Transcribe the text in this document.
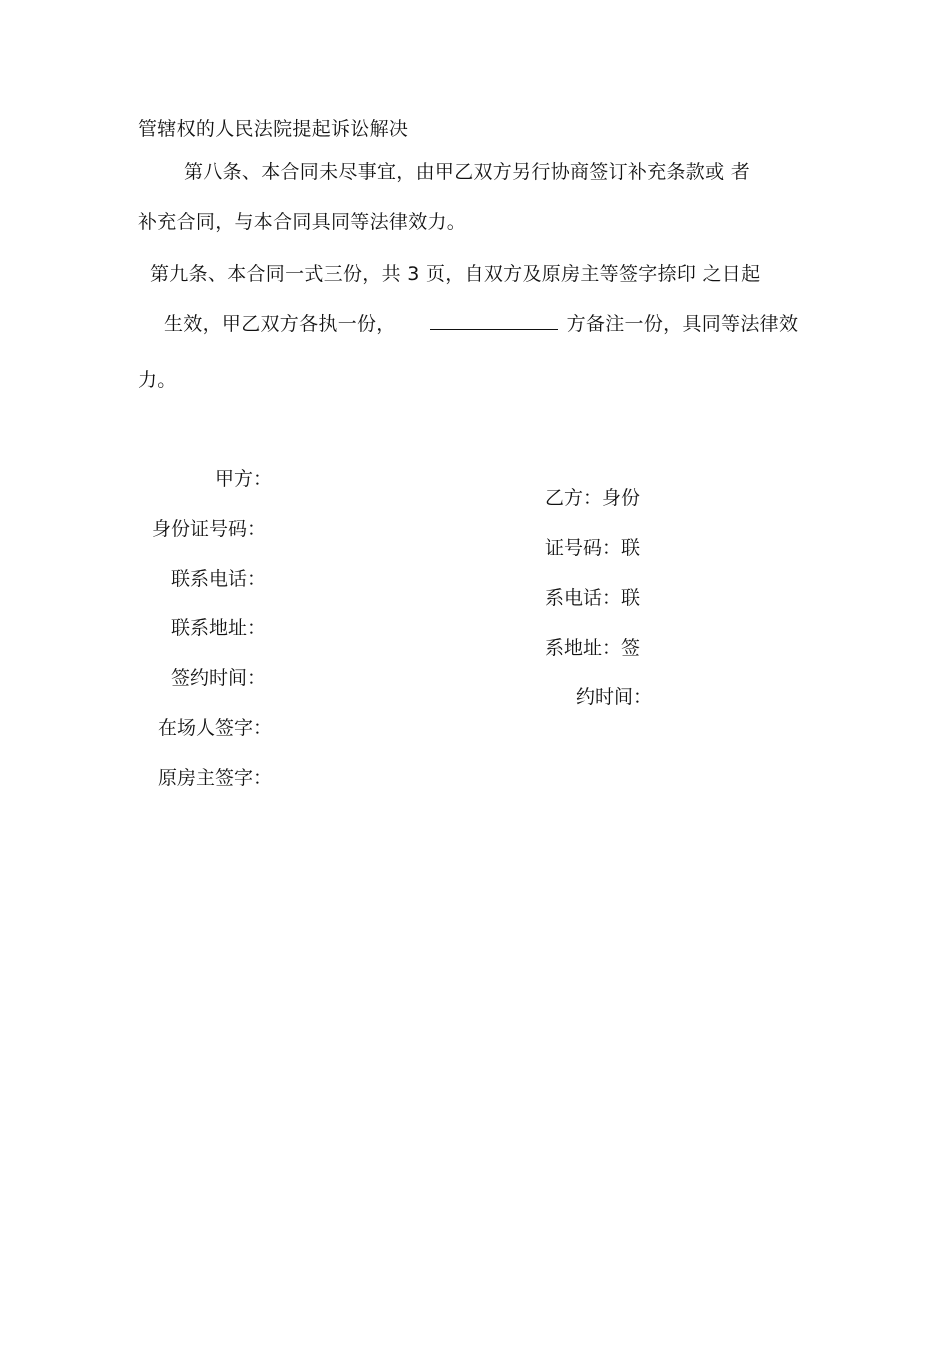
管辖权的人民法院提起诉讼解决
第八条、本合同未尽事宜，由甲乙双方另行协商签订补充条款或 者
补充合同，与本合同具同等法律效力。
第九条、本合同一式三份，共 3 页，自双方及原房主等签字捺印 之日起
生效，甲乙双方各执一份，	方备注一份，具同等法律效
力。
甲方：
身份证号码：
联系电话：
联系地址：
签约时间：
在场人签字：
原房主签字：
乙方：身份
证号码：联
系电话：联
系地址：签
约时间：
